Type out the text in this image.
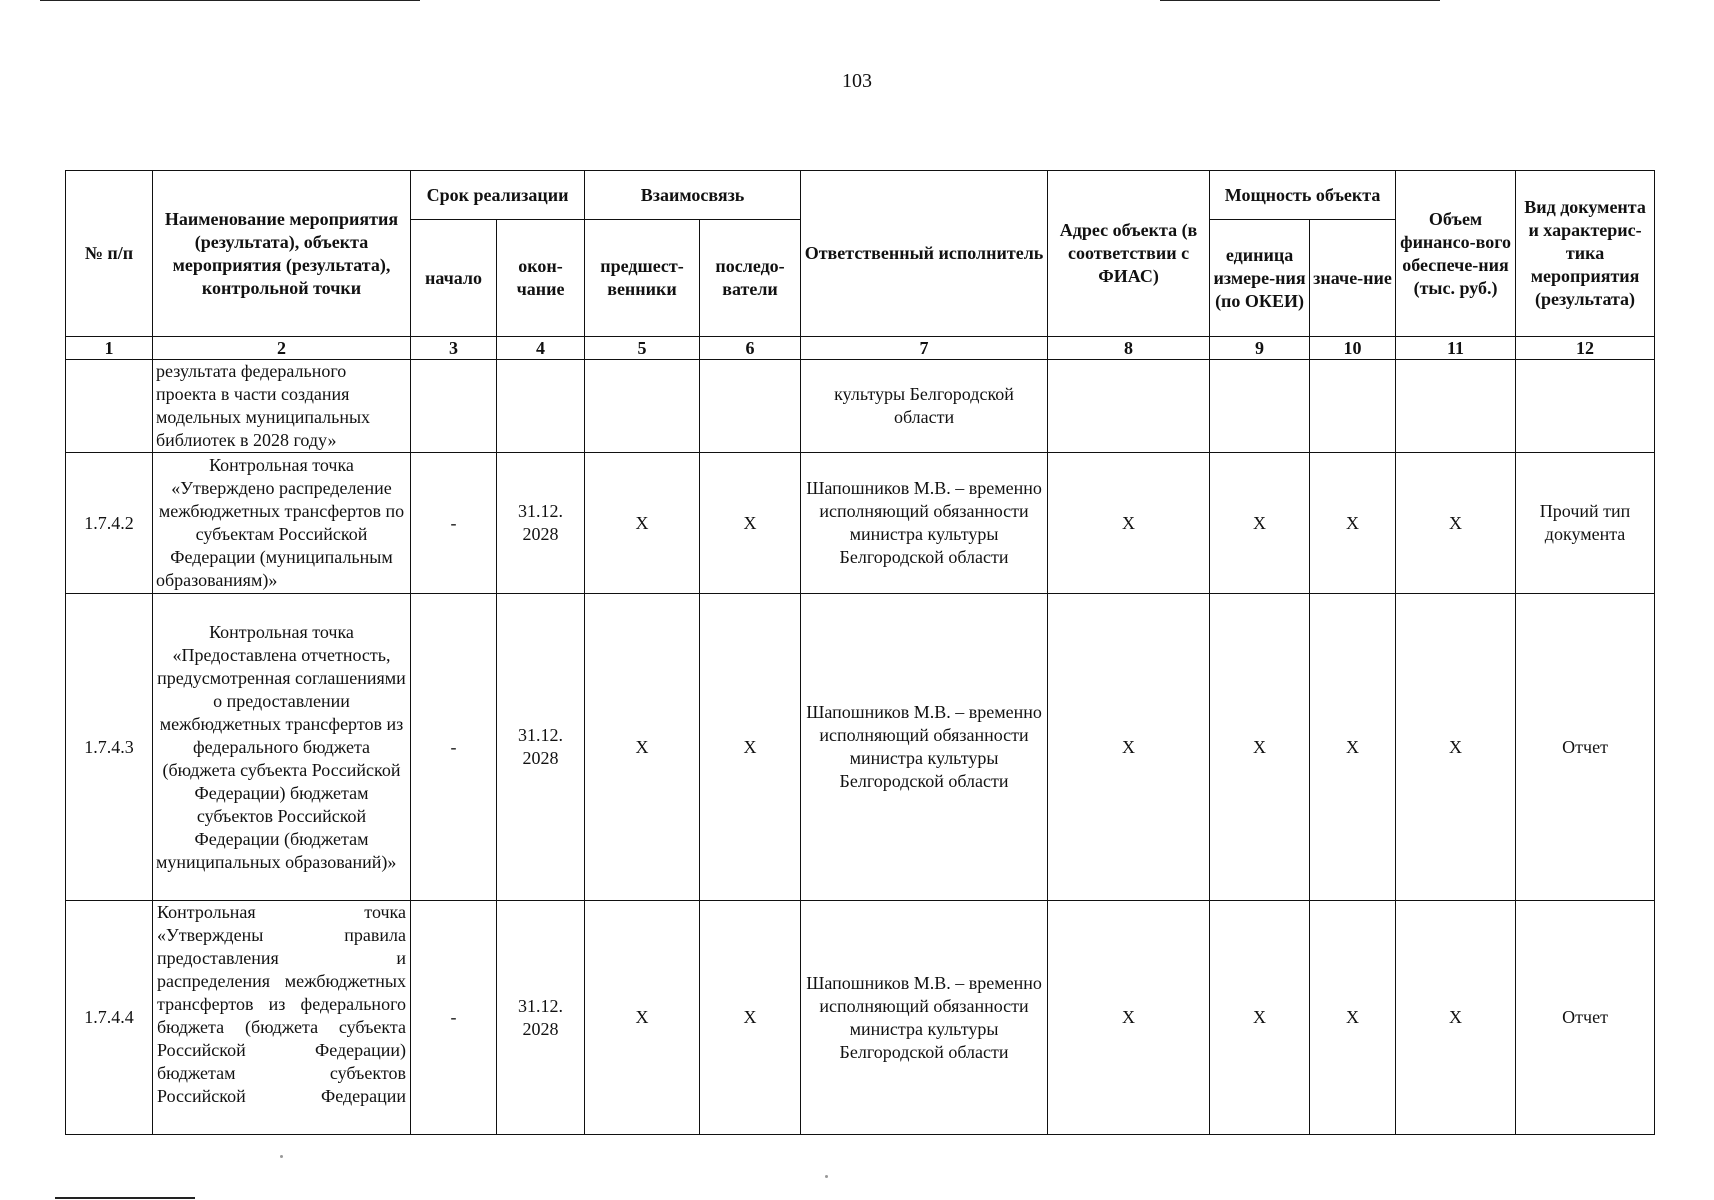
103
№ п/п	Наименование мероприятия (результата), объекта мероприятия (результата), контрольной точки	Срок реализации		Взаимосвязь		Ответственный исполнитель	Адрес объекта (в соответствии с ФИАС)	Мощность объекта		Объем финансо-вого обеспече-ния (тыс. руб.)	Вид документа и характерис-тика мероприятия (результата)
		начало	окон-чание	предшест-венники	последо-ватели			единица измере-ния (по ОКЕИ)	значе-ние		
1	2	3	4	5	6	7	8	9	10	11	12
	результата федерального проекта в части создания модельных муниципальных библиотек в 2028 году»					культуры Белгородской области					
1.7.4.2	Контрольная точка «Утверждено распределение межбюджетных трансфертов по субъектам Российской Федерации (муниципальным образованиям)»	-	31.12. 2028	X	X	Шапошников М.В. – временно исполняющий обязанности министра культуры Белгородской области	X	X	X	X	Прочий тип документа
1.7.4.3	Контрольная точка «Предоставлена отчетность, предусмотренная соглашениями о предоставлении межбюджетных трансфертов из федерального бюджета (бюджета субъекта Российской Федерации) бюджетам субъектов Российской Федерации (бюджетам муниципальных образований)»	-	31.12. 2028	X	X	Шапошников М.В. – временно исполняющий обязанности министра культуры Белгородской области	X	X	X	X	Отчет
1.7.4.4	Контрольная точка «Утверждены правила предоставления и распределения межбюджетных трансфертов из федерального бюджета (бюджета субъекта Российской Федерации) бюджетам субъектов Российской Федерации	-	31.12. 2028	X	X	Шапошников М.В. – временно исполняющий обязанности министра культуры Белгородской области	X	X	X	X	Отчет
